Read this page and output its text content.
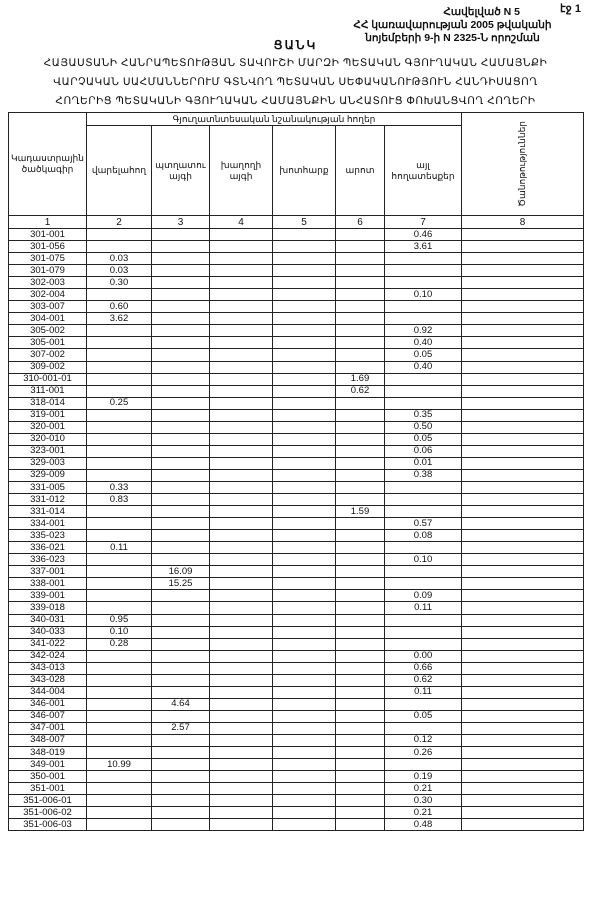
էջ 1
Հավելված N 5
ՀՀ կառավարության 2005 թվականի
նոյեմբերի 9-ի N 2325-Ն որոշման
ՑԱՆԿ
ՀԱՅԱՍՏԱՆԻ ՀԱՆՐԱՊԵՏՈՒԹՅԱՆ ՏԱՎՈՒՇԻ ՄԱՐԶԻ ՊԵՏԱԿԱՆ ԳՅՈՒՂԱԿԱՆ ՀԱՄԱՅՆՔԻ
ՎԱՐՉԱԿԱՆ ՍԱՀՄԱՆՆԵՐՈՒՄ ԳՏՆՎՈՂ ՊԵՏԱԿԱՆ ՍԵՓԱԿԱՆՈՒԹՅՈՒՆ ՀԱՆԴԻՍԱՑՈՂ
ՀՈՂԵՐԻՑ ՊԵՏԱԿԱՆԻ ԳՅՈՒՂԱԿԱՆ ՀԱՄԱՅՆՔԻՆ ԱՆՀԱՏՈՒՑ ՓՈԽԱՆՑՎՈՂ ՀՈՂԵՐԻ
Կադաստրային ծածկագիր	Գյուղատնտեսական նշանակության հողեր						Ծանոթություններ

	վարելահող	պտղատու այգի	խաղողի այգի	խոտհարք	արոտ	այլ հողատեսքեր	
1	2	3	4	5	6	7	8
301-001						0.46	
301-056						3.61	
301-075	0.03						
301-079	0.03						
302-003	0.30						
302-004						0.10	
303-007	0.60						
304-001	3.62						
305-002						0.92	
305-001						0.40	
307-002						0.05	
309-002						0.40	
310-001-01					1.69		
311-001					0.62		
318-014	0.25						
319-001						0.35	
320-001						0.50	
320-010						0.05	
323-001						0.06	
329-003						0.01	
329-009						0.38	
331-005	0.33						
331-012	0.83						
331-014					1.59		
334-001						0.57	
335-023						0.08	
336-021	0.11						
336-023						0.10	
337-001		16.09					
338-001		15.25					
339-001						0.09	
339-018						0.11	
340-031	0.95						
340-033	0.10						
341-022	0.28						
342-024						0.00	
343-013						0.66	
343-028						0.62	
344-004						0.11	
346-001		4.64					
346-007						0.05	
347-001		2.57					
348-007						0.12	
348-019						0.26	
349-001	10.99						
350-001						0.19	
351-001						0.21	
351-006-01						0.30	
351-006-02						0.21	
351-006-03						0.48	
